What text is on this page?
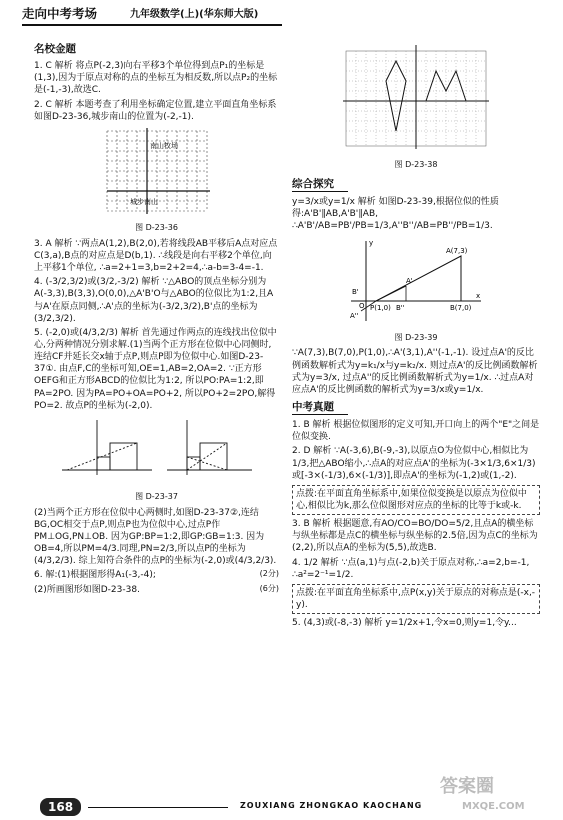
走向中考考场	九年级数学(上)(华东师大版)
名校金题

1. C 解析 将点P(-2,3)向右平移3个单位得到点P₁的坐标是(1,3),因为于原点对称的点的坐标互为相反数,所以点P₂的坐标是(-1,-3),故选C.

2. C 解析 本题考查了利用坐标确定位置,建立平面直角坐标系如图D-23-36,城步南山的位置为(-2,-1).

南山牧场
城步南山
图 D-23-36

3. A 解析 ∵两点A(1,2),B(2,0),若将线段AB平移后A点对应点C(3,a),B点的对应点是D(b,1). ∴线段是向右平移2个单位,向上平移1个单位, ∴a=2+1=3,b=2+2=4,∴a-b=3-4=-1.

4. (-3/2,3/2)或(3/2,-3/2) 解析 ∵△ABO的顶点坐标分别为A(-3,3),B(3,3),O(0,0),△A'B'O与△ABO的位似比为1:2,且A与A'在原点同侧,∴A'点的坐标为(-3/2,3/2),B'点的坐标为(3/2,3/2).

5. (-2,0)或(4/3,2/3) 解析 首先通过作两点的连线找出位似中心,分两种情况分别求解.(1)当两个正方形在位似中心同侧时,连结CF并延长交x轴于点P,则点P即为位似中心.如图D-23-37①. 由点F,C的坐标可知,OE=1,AB=2,OA=2. ∵正方形OEFG和正方形ABCD的位似比为1:2, 所以PO:PA=1:2,即PA=2PO. 因为PA=PO+OA=PO+2, 所以PO+2=2PO,解得PO=2. 故点P的坐标为(-2,0).

图 D-23-37

(2)当两个正方形在位似中心两侧时,如图D-23-37②,连结BG,OC相交于点P,则点P也为位似中心,过点P作PM⊥OG,PN⊥OB. 因为GP:BP=1:2,即GP:GB=1:3. 因为OB=4,所以PM=4/3.同理,PN=2/3,所以点P的坐标为(4/3,2/3). 综上知符合条件的点P的坐标为(-2,0)或(4/3,2/3).

6. 解:(1)根据图形得A₁(-3,-4);	(2分)

(2)所画图形如图D-23-38.	(6分)

图 D-23-38
综合探究

y=3/x或y=1/x 解析 如图D-23-39,根据位似的性质得:A'B'∥AB,A'B'∥AB, ∴A'B'/AB=PB'/PB=1/3,A''B''/AB=PB''/PB=1/3.

A(7,3)
A'
A''
B'
B''
P(1,0)	B(7,0)
O
x
y
图 D-23-39

∵A(7,3),B(7,0),P(1,0),∴A'(3,1),A''(-1,-1). 设过点A'的反比例函数解析式为y=k₁/x与y=k₂/x. 则过点A'的反比例函数解析式为y=3/x, 过点A''的反比例函数解析式为y=1/x. ∴过点A对应点A'的反比例函数的解析式为y=3/x或y=1/x.

中考真题

1. B 解析 根据位似图形的定义可知,开口向上的两个"E"之间是位似变换.

2. D 解析 ∵A(-3,6),B(-9,-3),以原点O为位似中心,相似比为1/3,把△ABO缩小,∴点A的对应点A'的坐标为(-3×1/3,6×1/3)或[-3×(-1/3),6×(-1/3)],即点A'的坐标为(-1,2)或(1,-2).

点拨:在平面直角坐标系中,如果位似变换是以原点为位似中心,相似比为k,那么位似图形对应点的坐标的比等于k或-k.

3. B 解析 根据题意,有AO/CO=BO/DO=5/2,且点A的横坐标与纵坐标都是点C的横坐标与纵坐标的2.5倍,因为点C的坐标为(2,2),所以点A的坐标为(5,5),故选B.

4. 1/2 解析 ∵点(a,1)与点(-2,b)关于原点对称,∴a=2,b=-1, ∴a²=2⁻¹=1/2.

点拨:在平面直角坐标系中,点P(x,y)关于原点的对称点是(-x,-y).

5. (4,3)或(-8,-3) 解析 y=1/2x+1,令x=0,则y=1,令y...

168	ZOUXIANG ZHONGKAO KAOCHANG
答案圈
MXQE.COM
